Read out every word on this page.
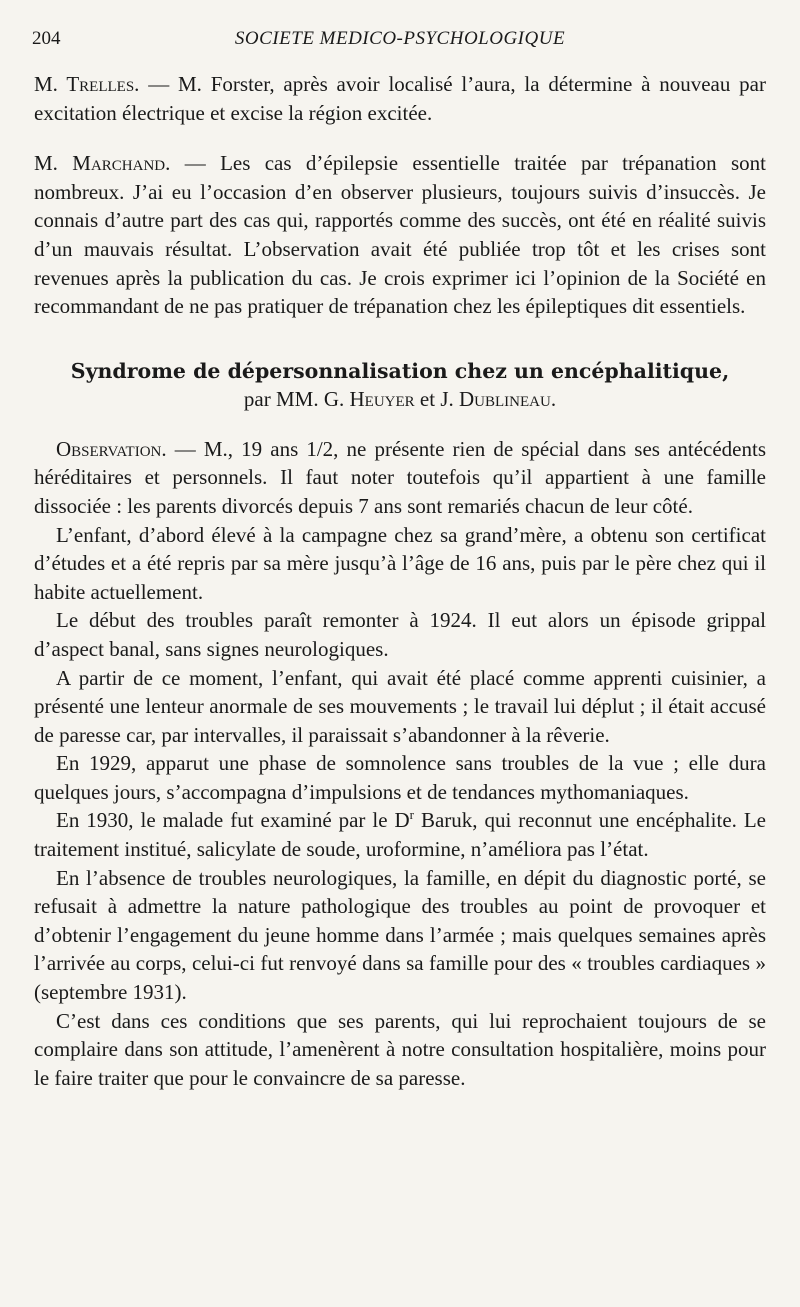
204	SOCIETE MEDICO-PSYCHOLOGIQUE

M. Trelles. — M. Forster, après avoir localisé l’aura, la détermine à nouveau par excitation électrique et excise la région excitée.

M. Marchand. — Les cas d’épilepsie essentielle traitée par trépanation sont nombreux. J’ai eu l’occasion d’en observer plusieurs, toujours suivis d’insuccès. Je connais d’autre part des cas qui, rapportés comme des succès, ont été en réalité suivis d’un mauvais résultat. L’observation avait été publiée trop tôt et les crises sont revenues après la publication du cas. Je crois exprimer ici l’opinion de la Société en recommandant de ne pas pratiquer de trépanation chez les épileptiques dit essentiels.

Syndrome de dépersonnalisation chez un encéphalitique,
par MM. G. Heuyer et J. Dublineau.

Observation. — M., 19 ans 1/2, ne présente rien de spécial dans ses antécédents héréditaires et personnels. Il faut noter toutefois qu’il appartient à une famille dissociée : les parents divorcés depuis 7 ans sont remariés chacun de leur côté.

L’enfant, d’abord élevé à la campagne chez sa grand’mère, a obtenu son certificat d’études et a été repris par sa mère jusqu’à l’âge de 16 ans, puis par le père chez qui il habite actuellement.

Le début des troubles paraît remonter à 1924. Il eut alors un épisode grippal d’aspect banal, sans signes neurologiques.

A partir de ce moment, l’enfant, qui avait été placé comme apprenti cuisinier, a présenté une lenteur anormale de ses mouvements ; le travail lui déplut ; il était accusé de paresse car, par intervalles, il paraissait s’abandonner à la rêverie.

En 1929, apparut une phase de somnolence sans troubles de la vue ; elle dura quelques jours, s’accompagna d’impulsions et de tendances mythomaniaques.

En 1930, le malade fut examiné par le $D^r$ Baruk, qui reconnut une encéphalite. Le traitement institué, salicylate de soude, uroformine, n’améliora pas l’état.

En l’absence de troubles neurologiques, la famille, en dépit du diagnostic porté, se refusait à admettre la nature pathologique des troubles au point de provoquer et d’obtenir l’engagement du jeune homme dans l’armée ; mais quelques semaines après l’arrivée au corps, celui-ci fut renvoyé dans sa famille pour des « troubles cardiaques » (septembre 1931).

C’est dans ces conditions que ses parents, qui lui reprochaient toujours de se complaire dans son attitude, l’amenèrent à notre consultation hospitalière, moins pour le faire traiter que pour le convaincre de sa paresse.
